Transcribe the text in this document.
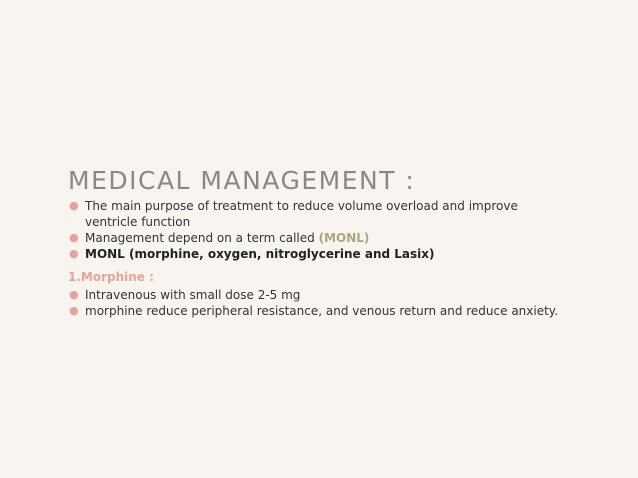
MEDICAL MANAGEMENT :
● The main purpose of treatment to reduce volume overload and improve ventricle function
● Management depend on a term called (MONL)
● MONL (morphine, oxygen, nitroglycerine and Lasix)

1.Morphine :

● Intravenous with small dose 2-5 mg
● morphine reduce peripheral resistance, and venous return and reduce anxiety.
